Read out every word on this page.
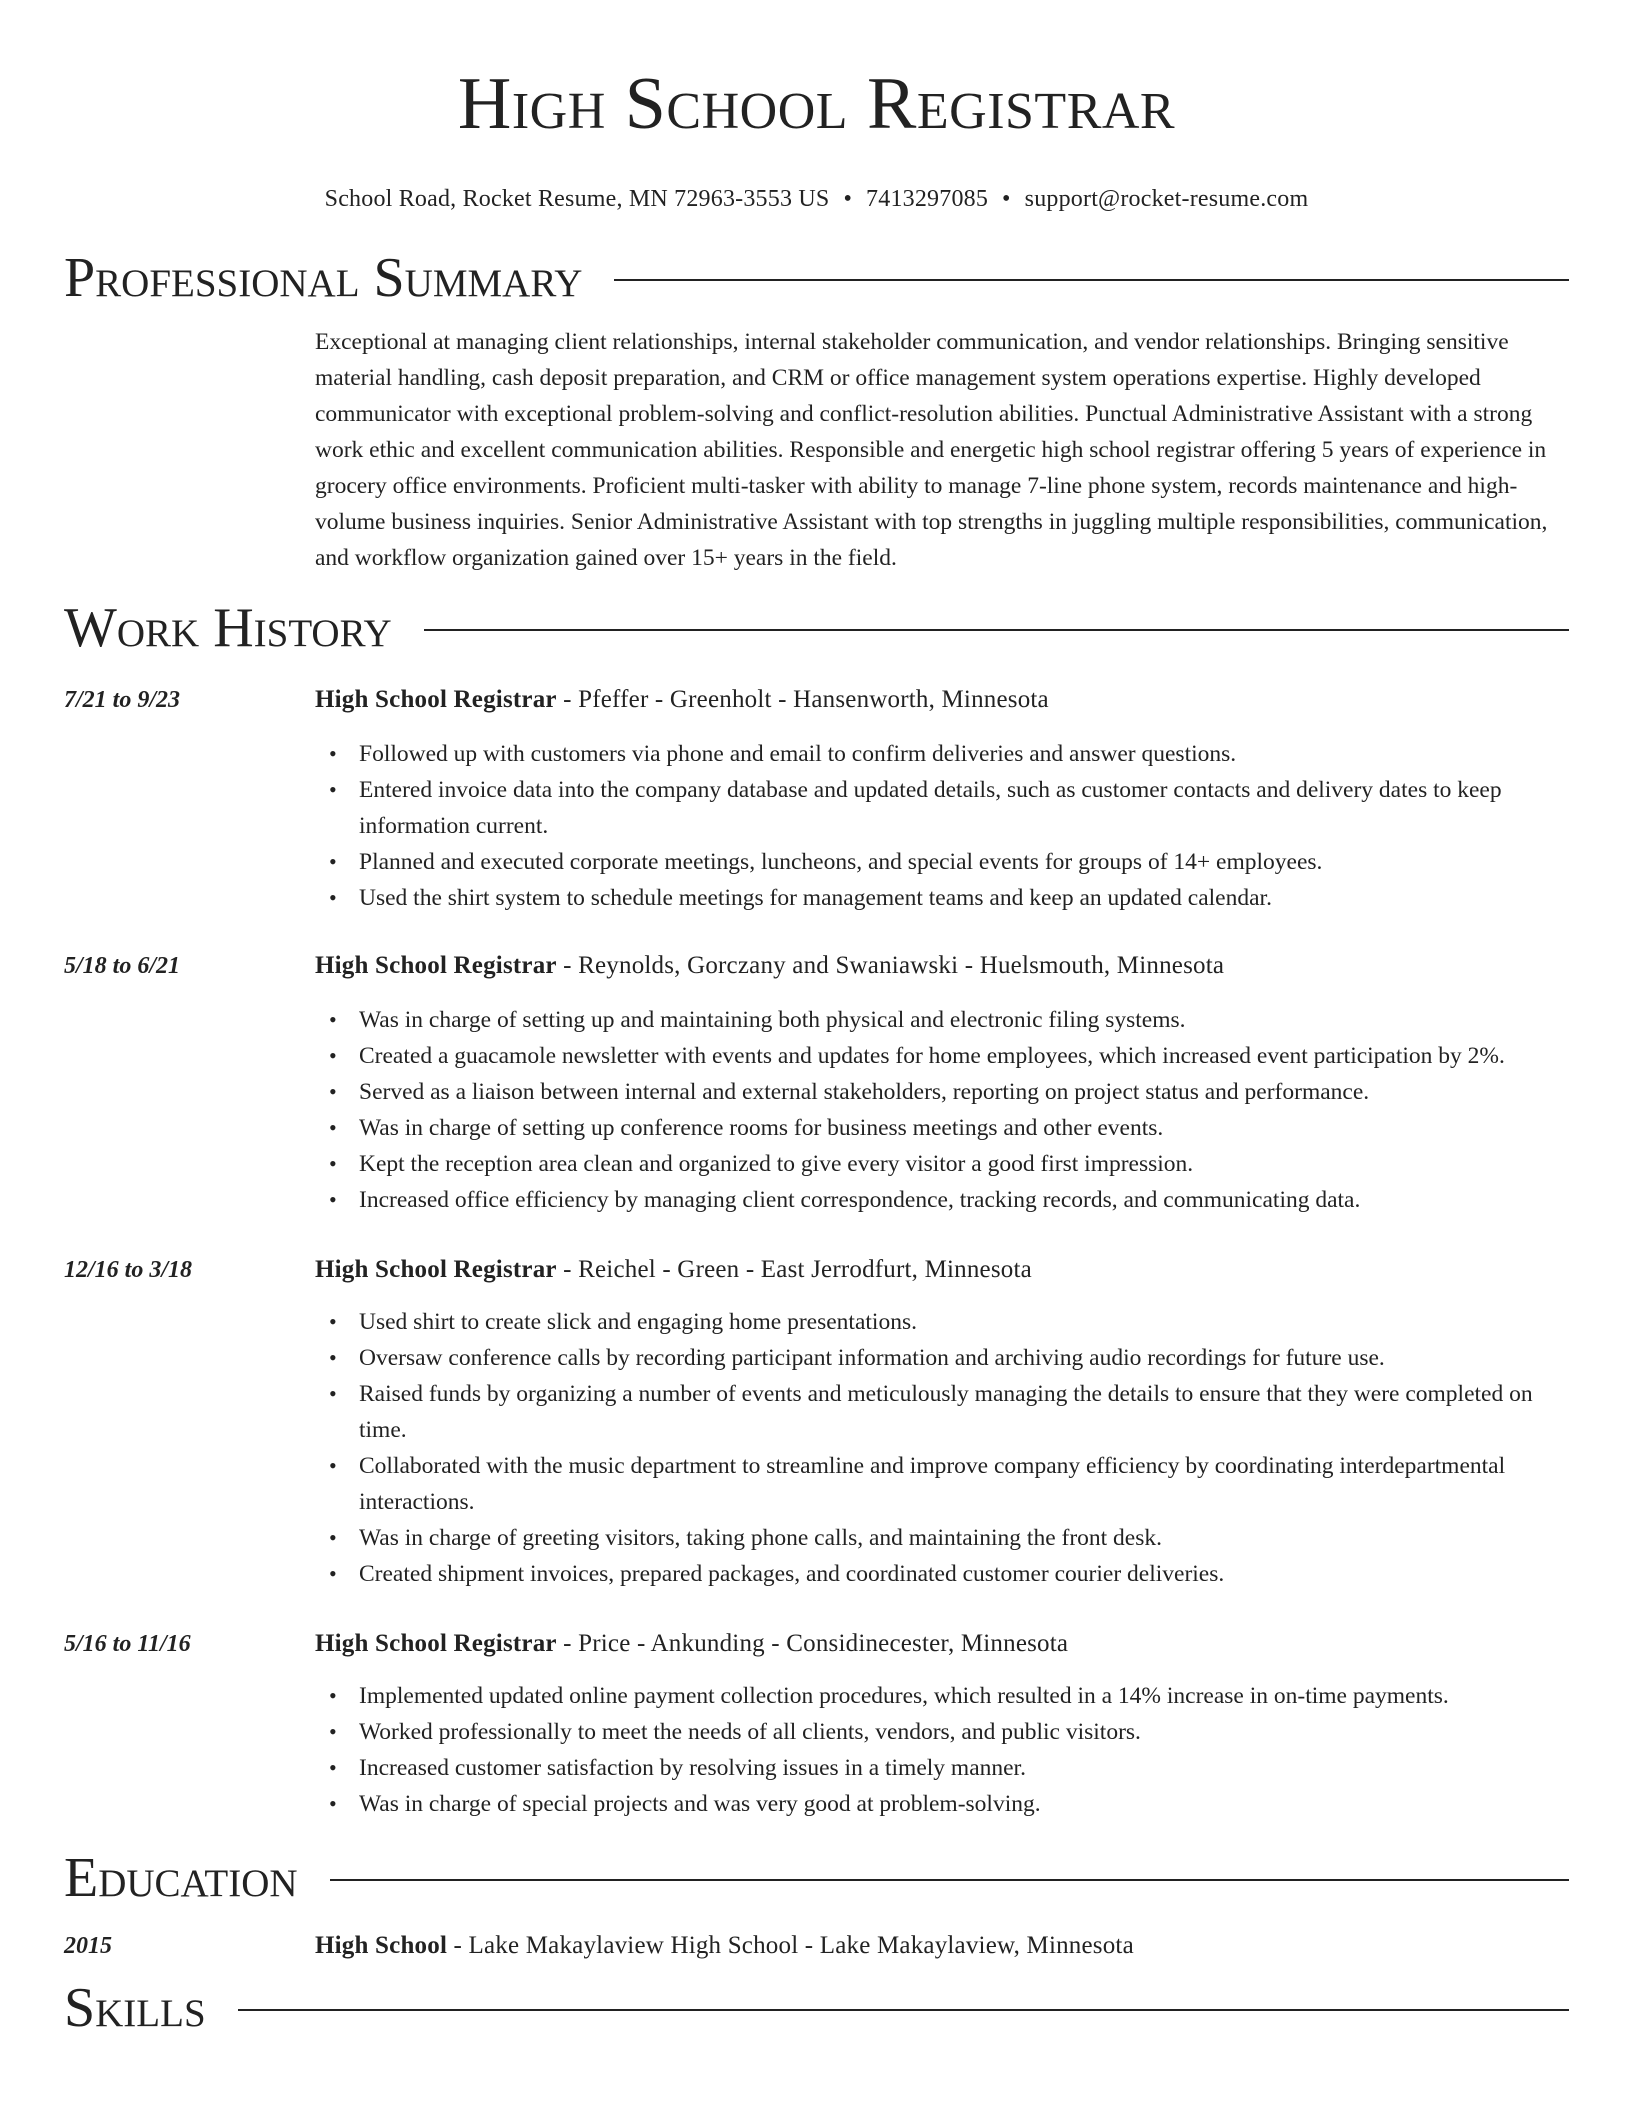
High School Registrar
School Road, Rocket Resume, MN 72963-3553 US • 7413297085 • support@rocket-resume.com
Professional Summary

Exceptional at managing client relationships, internal stakeholder communication, and vendor relationships. Bringing sensitive material handling, cash deposit preparation, and CRM or office management system operations expertise. Highly developed communicator with exceptional problem-solving and conflict-resolution abilities. Punctual Administrative Assistant with a strong work ethic and excellent communication abilities. Responsible and energetic high school registrar offering 5 years of experience in grocery office environments. Proficient multi-tasker with ability to manage 7-line phone system, records maintenance and high-volume business inquiries. Senior Administrative Assistant with top strengths in juggling multiple responsibilities, communication, and workflow organization gained over 15+ years in the field.

Work History
7/21 to 9/23	High School Registrar - Pfeffer - Greenholt - Hansenworth, Minnesota
• Followed up with customers via phone and email to confirm deliveries and answer questions.
• Entered invoice data into the company database and updated details, such as customer contacts and delivery dates to keep information current.
• Planned and executed corporate meetings, luncheons, and special events for groups of 14+ employees.
• Used the shirt system to schedule meetings for management teams and keep an updated calendar.
5/18 to 6/21	High School Registrar - Reynolds, Gorczany and Swaniawski - Huelsmouth, Minnesota
• Was in charge of setting up and maintaining both physical and electronic filing systems.
• Created a guacamole newsletter with events and updates for home employees, which increased event participation by 2%.
• Served as a liaison between internal and external stakeholders, reporting on project status and performance.
• Was in charge of setting up conference rooms for business meetings and other events.
• Kept the reception area clean and organized to give every visitor a good first impression.
• Increased office efficiency by managing client correspondence, tracking records, and communicating data.
12/16 to 3/18	High School Registrar - Reichel - Green - East Jerrodfurt, Minnesota
• Used shirt to create slick and engaging home presentations.
• Oversaw conference calls by recording participant information and archiving audio recordings for future use.
• Raised funds by organizing a number of events and meticulously managing the details to ensure that they were completed on time.
• Collaborated with the music department to streamline and improve company efficiency by coordinating interdepartmental interactions.
• Was in charge of greeting visitors, taking phone calls, and maintaining the front desk.
• Created shipment invoices, prepared packages, and coordinated customer courier deliveries.
5/16 to 11/16	High School Registrar - Price - Ankunding - Considinecester, Minnesota
• Implemented updated online payment collection procedures, which resulted in a 14% increase in on-time payments.
• Worked professionally to meet the needs of all clients, vendors, and public visitors.
• Increased customer satisfaction by resolving issues in a timely manner.
• Was in charge of special projects and was very good at problem-solving.
Education
2015	High School - Lake Makaylaview High School - Lake Makaylaview, Minnesota
Skills
